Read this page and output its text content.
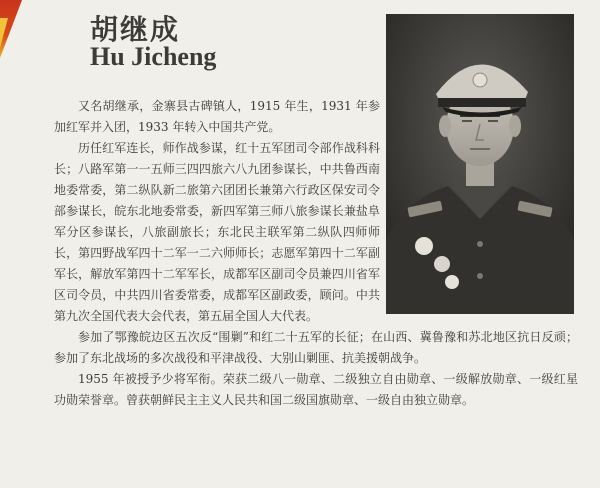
胡继成
Hu Jicheng

又名胡继承，金寨县古碑镇人，1915 年生，1931 年参加红军并入团，1933 年转入中国共产党。

历任红军连长，师作战参谋，红十五军团司令部作战科科长；八路军第一一五师三四四旅六八九团参谋长，中共鲁西南地委常委，第二纵队新二旅第六团团长兼第六行政区保安司令部参谋长，皖东北地委常委，新四军第三师八旅参谋长兼盐阜军分区参谋长，八旅副旅长；东北民主联军第二纵队四师师长，第四野战军四十二军一二六师师长；志愿军第四十二军副军长，解放军第四十二军军长，成都军区副司令员兼四川省军区司令员，中共四川省委常委，成都军区副政委，顾问。中共第九次全国代表大会代表，第五届全国人大代表。

参加了鄂豫皖边区五次反“围剿”和红二十五军的长征；在山西、冀鲁豫和苏北地区抗日反顽；参加了东北战场的多次战役和平津战役、大别山剿匪、抗美援朝战争。

1955 年被授予少将军衔。荣获二级八一勋章、二级独立自由勋章、一级解放勋章、一级红星功勋荣誉章。曾获朝鲜民主主义人民共和国二级国旗勋章、一级自由独立勋章。
